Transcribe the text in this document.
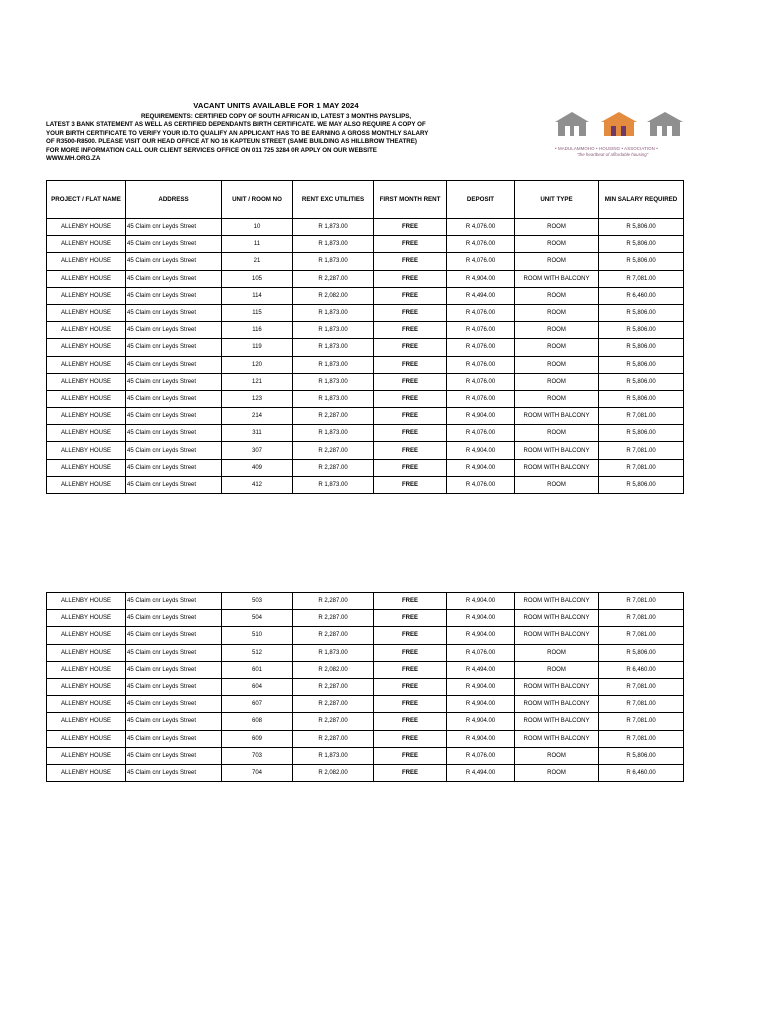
VACANT UNITS AVAILABLE FOR 1 MAY 2024
REQUIREMENTS: CERTIFIED COPY OF SOUTH AFRICAN ID, LATEST 3 MONTHS PAYSLIPS,
LATEST 3 BANK STATEMENT AS WELL AS CERTIFIED DEPENDANTS BIRTH CERTIFICATE. WE MAY ALSO REQUIRE A COPY OF
YOUR BIRTH CERTIFICATE TO VERIFY YOUR ID.TO QUALIFY AN APPLICANT HAS TO BE EARNING A GROSS MONTHLY SALARY
OF R3500-R8500. PLEASE VISIT OUR HEAD OFFICE AT NO 16 KAPTEUN STREET (SAME BUILDING AS HILLBROW THEATRE)
FOR MORE INFORMATION CALL OUR CLIENT SERVICES OFFICE ON 011 725 3284 0R APPLY ON OUR WEBSITE
WWW.MH.ORG.ZA
• MADULAMMOHO • HOUSING • ASSOCIATION •
"the heartbeat of affordable housing"
PROJECT / FLAT NAME	ADDRESS	UNIT / ROOM NO	RENT EXC UTILITIES	FIRST MONTH RENT	DEPOSIT	UNIT TYPE	MIN SALARY REQUIRED
ALLENBY HOUSE	45 Claim cnr Leyds Street	10	R 1,873.00	FREE	R 4,076.00	ROOM	R 5,806.00
ALLENBY HOUSE	45 Claim cnr Leyds Street	11	R 1,873.00	FREE	R 4,076.00	ROOM	R 5,806.00
ALLENBY HOUSE	45 Claim cnr Leyds Street	21	R 1,873.00	FREE	R 4,076.00	ROOM	R 5,806.00
ALLENBY HOUSE	45 Claim cnr Leyds Street	105	R 2,287.00	FREE	R 4,904.00	ROOM WITH BALCONY	R 7,081.00
ALLENBY HOUSE	45 Claim cnr Leyds Street	114	R 2,082.00	FREE	R 4,494.00	ROOM	R 6,460.00
ALLENBY HOUSE	45 Claim cnr Leyds Street	115	R 1,873.00	FREE	R 4,076.00	ROOM	R 5,806.00
ALLENBY HOUSE	45 Claim cnr Leyds Street	116	R 1,873.00	FREE	R 4,076.00	ROOM	R 5,806.00
ALLENBY HOUSE	45 Claim cnr Leyds Street	119	R 1,873.00	FREE	R 4,076.00	ROOM	R 5,806.00
ALLENBY HOUSE	45 Claim cnr Leyds Street	120	R 1,873.00	FREE	R 4,076.00	ROOM	R 5,806.00
ALLENBY HOUSE	45 Claim cnr Leyds Street	121	R 1,873.00	FREE	R 4,076.00	ROOM	R 5,806.00
ALLENBY HOUSE	45 Claim cnr Leyds Street	123	R 1,873.00	FREE	R 4,076.00	ROOM	R 5,806.00
ALLENBY HOUSE	45 Claim cnr Leyds Street	214	R 2,287.00	FREE	R 4,904.00	ROOM WITH BALCONY	R 7,081.00
ALLENBY HOUSE	45 Claim cnr Leyds Street	311	R 1,873.00	FREE	R 4,076.00	ROOM	R 5,806.00
ALLENBY HOUSE	45 Claim cnr Leyds Street	307	R 2,287.00	FREE	R 4,904.00	ROOM WITH BALCONY	R 7,081.00
ALLENBY HOUSE	45 Claim cnr Leyds Street	409	R 2,287.00	FREE	R 4,904.00	ROOM WITH BALCONY	R 7,081.00
ALLENBY HOUSE	45 Claim cnr Leyds Street	412	R 1,873.00	FREE	R 4,076.00	ROOM	R 5,806.00
ALLENBY HOUSE	45 Claim cnr Leyds Street	503	R 2,287.00	FREE	R 4,904.00	ROOM WITH BALCONY	R 7,081.00
ALLENBY HOUSE	45 Claim cnr Leyds Street	504	R 2,287.00	FREE	R 4,904.00	ROOM WITH BALCONY	R 7,081.00
ALLENBY HOUSE	45 Claim cnr Leyds Street	510	R 2,287.00	FREE	R 4,904.00	ROOM WITH BALCONY	R 7,081.00
ALLENBY HOUSE	45 Claim cnr Leyds Street	512	R 1,873.00	FREE	R 4,076.00	ROOM	R 5,806.00
ALLENBY HOUSE	45 Claim cnr Leyds Street	601	R 2,082.00	FREE	R 4,494.00	ROOM	R 6,460.00
ALLENBY HOUSE	45 Claim cnr Leyds Street	604	R 2,287.00	FREE	R 4,904.00	ROOM WITH BALCONY	R 7,081.00
ALLENBY HOUSE	45 Claim cnr Leyds Street	607	R 2,287.00	FREE	R 4,904.00	ROOM WITH BALCONY	R 7,081.00
ALLENBY HOUSE	45 Claim cnr Leyds Street	608	R 2,287.00	FREE	R 4,904.00	ROOM WITH BALCONY	R 7,081.00
ALLENBY HOUSE	45 Claim cnr Leyds Street	609	R 2,287.00	FREE	R 4,904.00	ROOM WITH BALCONY	R 7,081.00
ALLENBY HOUSE	45 Claim cnr Leyds Street	703	R 1,873.00	FREE	R 4,076.00	ROOM	R 5,806.00
ALLENBY HOUSE	45 Claim cnr Leyds Street	704	R 2,082.00	FREE	R 4,494.00	ROOM	R 6,460.00
